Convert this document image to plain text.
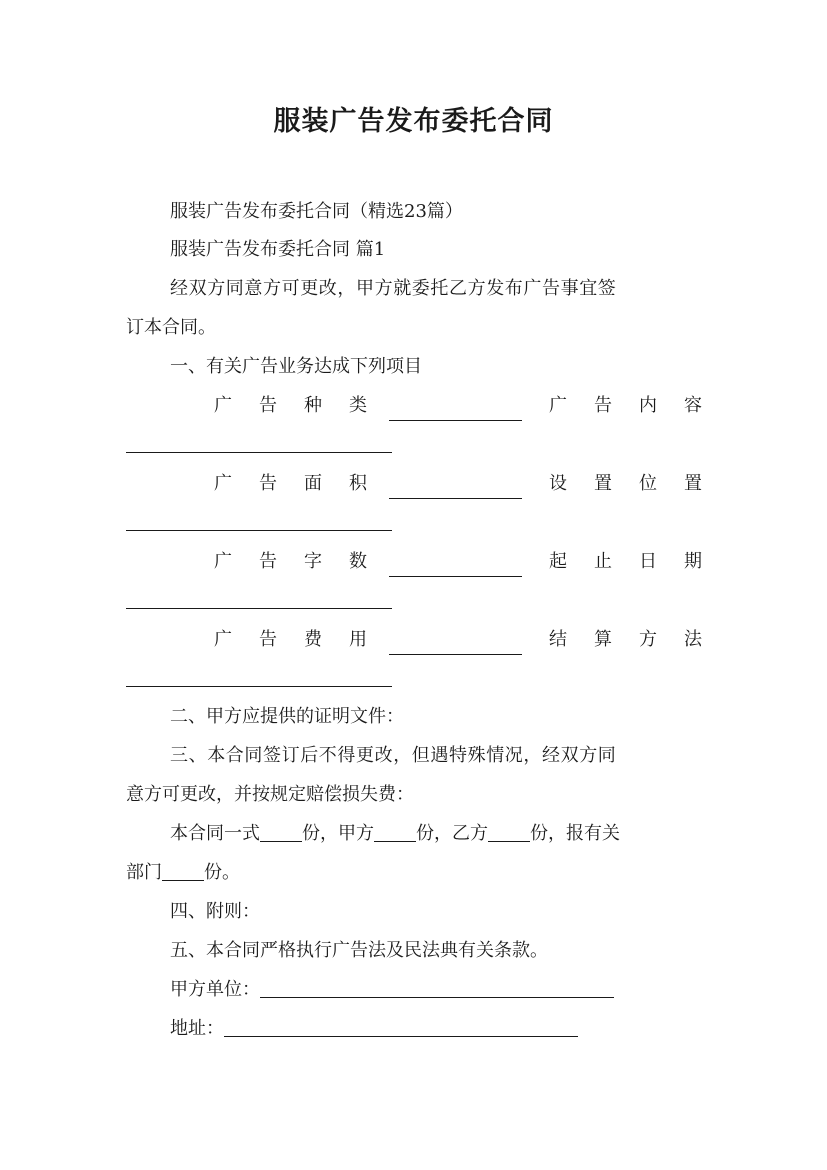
服装广告发布委托合同
服装广告发布委托合同（精选23篇）
服装广告发布委托合同 篇1
经双方同意方可更改，甲方就委托乙方发布广告事宜签
订本合同。
一、有关广告业务达成下列项目
广 告 种 类	广 告 内 容
广 告 面 积	设 置 位 置
广 告 字 数	起 止 日 期
广 告 费 用	结 算 方 法
二、甲方应提供的证明文件：
三、本合同签订后不得更改，但遇特殊情况，经双方同
意方可更改，并按规定赔偿损失费：
本合同一式 份，甲方 份，乙方 份，报有关
部门 份。
四、附则：
五、本合同严格执行广告法及民法典有关条款。
甲方单位：
地址：
